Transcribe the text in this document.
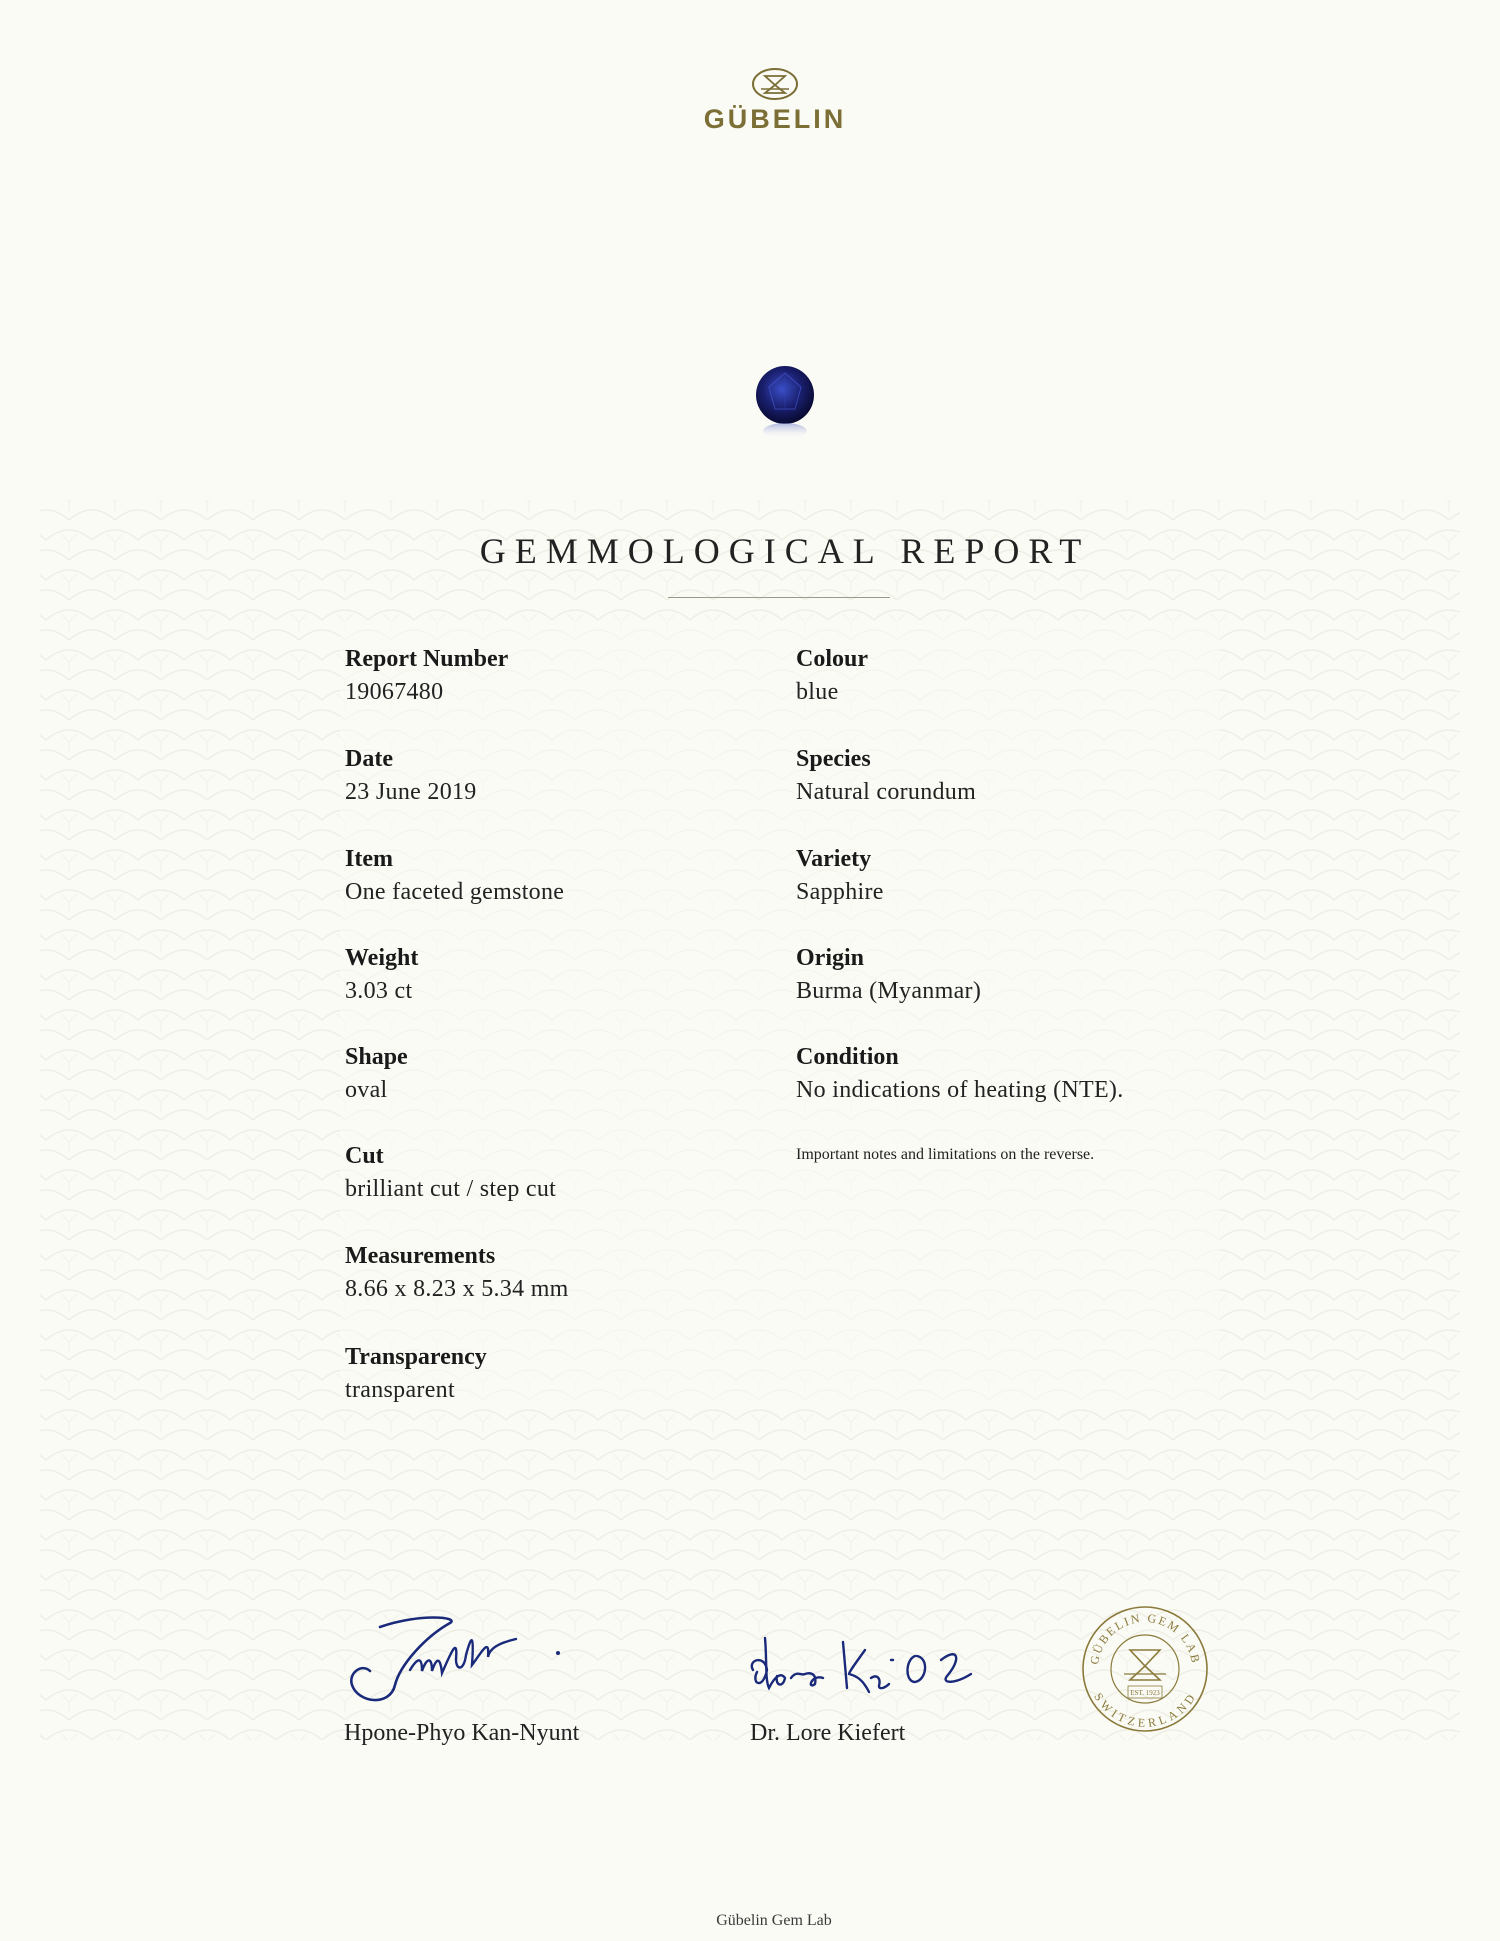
GÜBELIN
GEMMOLOGICAL REPORT
Report Number
19067480
Date
23 June 2019
Item
One faceted gemstone
Weight
3.03 ct
Shape
oval
Cut
brilliant cut / step cut
Measurements
8.66 x 8.23 x 5.34 mm
Transparency
transparent
Colour
blue
Species
Natural corundum
Variety
Sapphire
Origin
Burma (Myanmar)
Condition
No indications of heating (NTE).
Important notes and limitations on the reverse.
Hpone-Phyo Kan-Nyunt	Dr. Lore Kiefert
GÜBELIN GEM LAB
SWITZERLAND
EST. 1923
Gübelin Gem Lab
